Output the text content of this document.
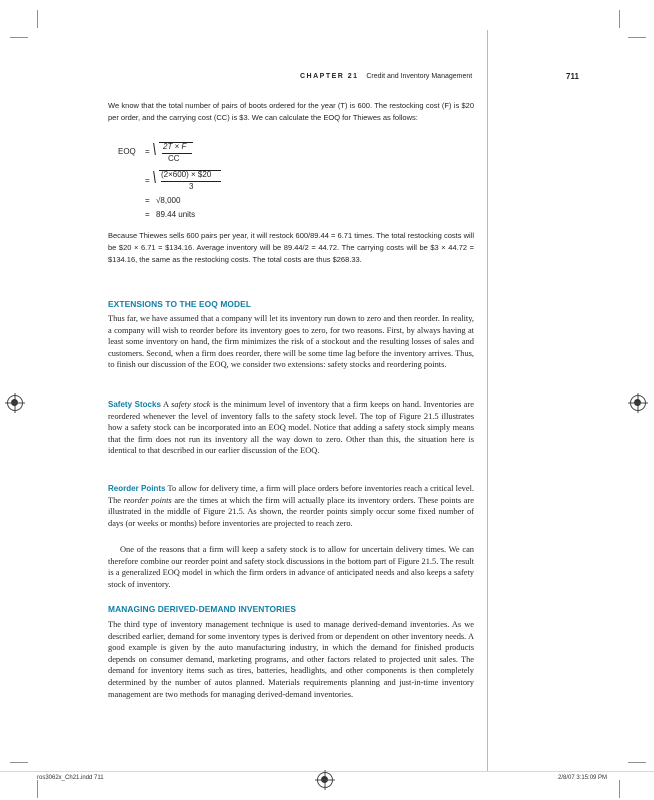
CHAPTER 21 Credit and Inventory Management	711
We know that the total number of pairs of boots ordered for the year (T) is 600. The restocking cost (F) is $20 per order, and the carrying cost (CC) is $3. We can calculate the EOQ for Thiewes as follows:
EOQ =
2T × F
CC
=
(2×600) × $20
3
= √8,000
= 89.44 units
Because Thiewes sells 600 pairs per year, it will restock 600/89.44 = 6.71 times. The total restocking costs will be $20 × 6.71 = $134.16. Average inventory will be 89.44/2 = 44.72. The carrying costs will be $3 × 44.72 = $134.16, the same as the restocking costs. The total costs are thus $268.33.
EXTENSIONS TO THE EOQ MODEL
Thus far, we have assumed that a company will let its inventory run down to zero and then reorder. In reality, a company will wish to reorder before its inventory goes to zero, for two reasons. First, by always having at least some inventory on hand, the firm minimizes the risk of a stockout and the resulting losses of sales and customers. Second, when a firm does reorder, there will be some time lag before the inventory arrives. Thus, to finish our discussion of the EOQ, we consider two extensions: safety stocks and reordering points.
Safety Stocks A safety stock is the minimum level of inventory that a firm keeps on hand. Inventories are reordered whenever the level of inventory falls to the safety stock level. The top of Figure 21.5 illustrates how a safety stock can be incorporated into an EOQ model. Notice that adding a safety stock simply means that the firm does not run its inventory all the way down to zero. Other than this, the situation here is identical to that described in our earlier discussion of the EOQ.
Reorder Points To allow for delivery time, a firm will place orders before inventories reach a critical level. The reorder points are the times at which the firm will actually place its inventory orders. These points are illustrated in the middle of Figure 21.5. As shown, the reorder points simply occur some fixed number of days (or weeks or months) before inventories are projected to reach zero.
One of the reasons that a firm will keep a safety stock is to allow for uncertain delivery times. We can therefore combine our reorder point and safety stock discussions in the bottom part of Figure 21.5. The result is a generalized EOQ model in which the firm orders in advance of anticipated needs and also keeps a safety stock of inventory.
MANAGING DERIVED-DEMAND INVENTORIES
The third type of inventory management technique is used to manage derived-demand inventories. As we described earlier, demand for some inventory types is derived from or dependent on other inventory needs. A good example is given by the auto manufacturing industry, in which the demand for finished products depends on consumer demand, marketing programs, and other factors related to projected unit sales. The demand for inventory items such as tires, batteries, headlights, and other components is then completely determined by the number of autos planned. Materials requirements planning and just-in-time inventory management are two methods for managing derived-demand inventories.
ros3062x_Ch21.indd 711	2/8/07 3:15:09 PM
